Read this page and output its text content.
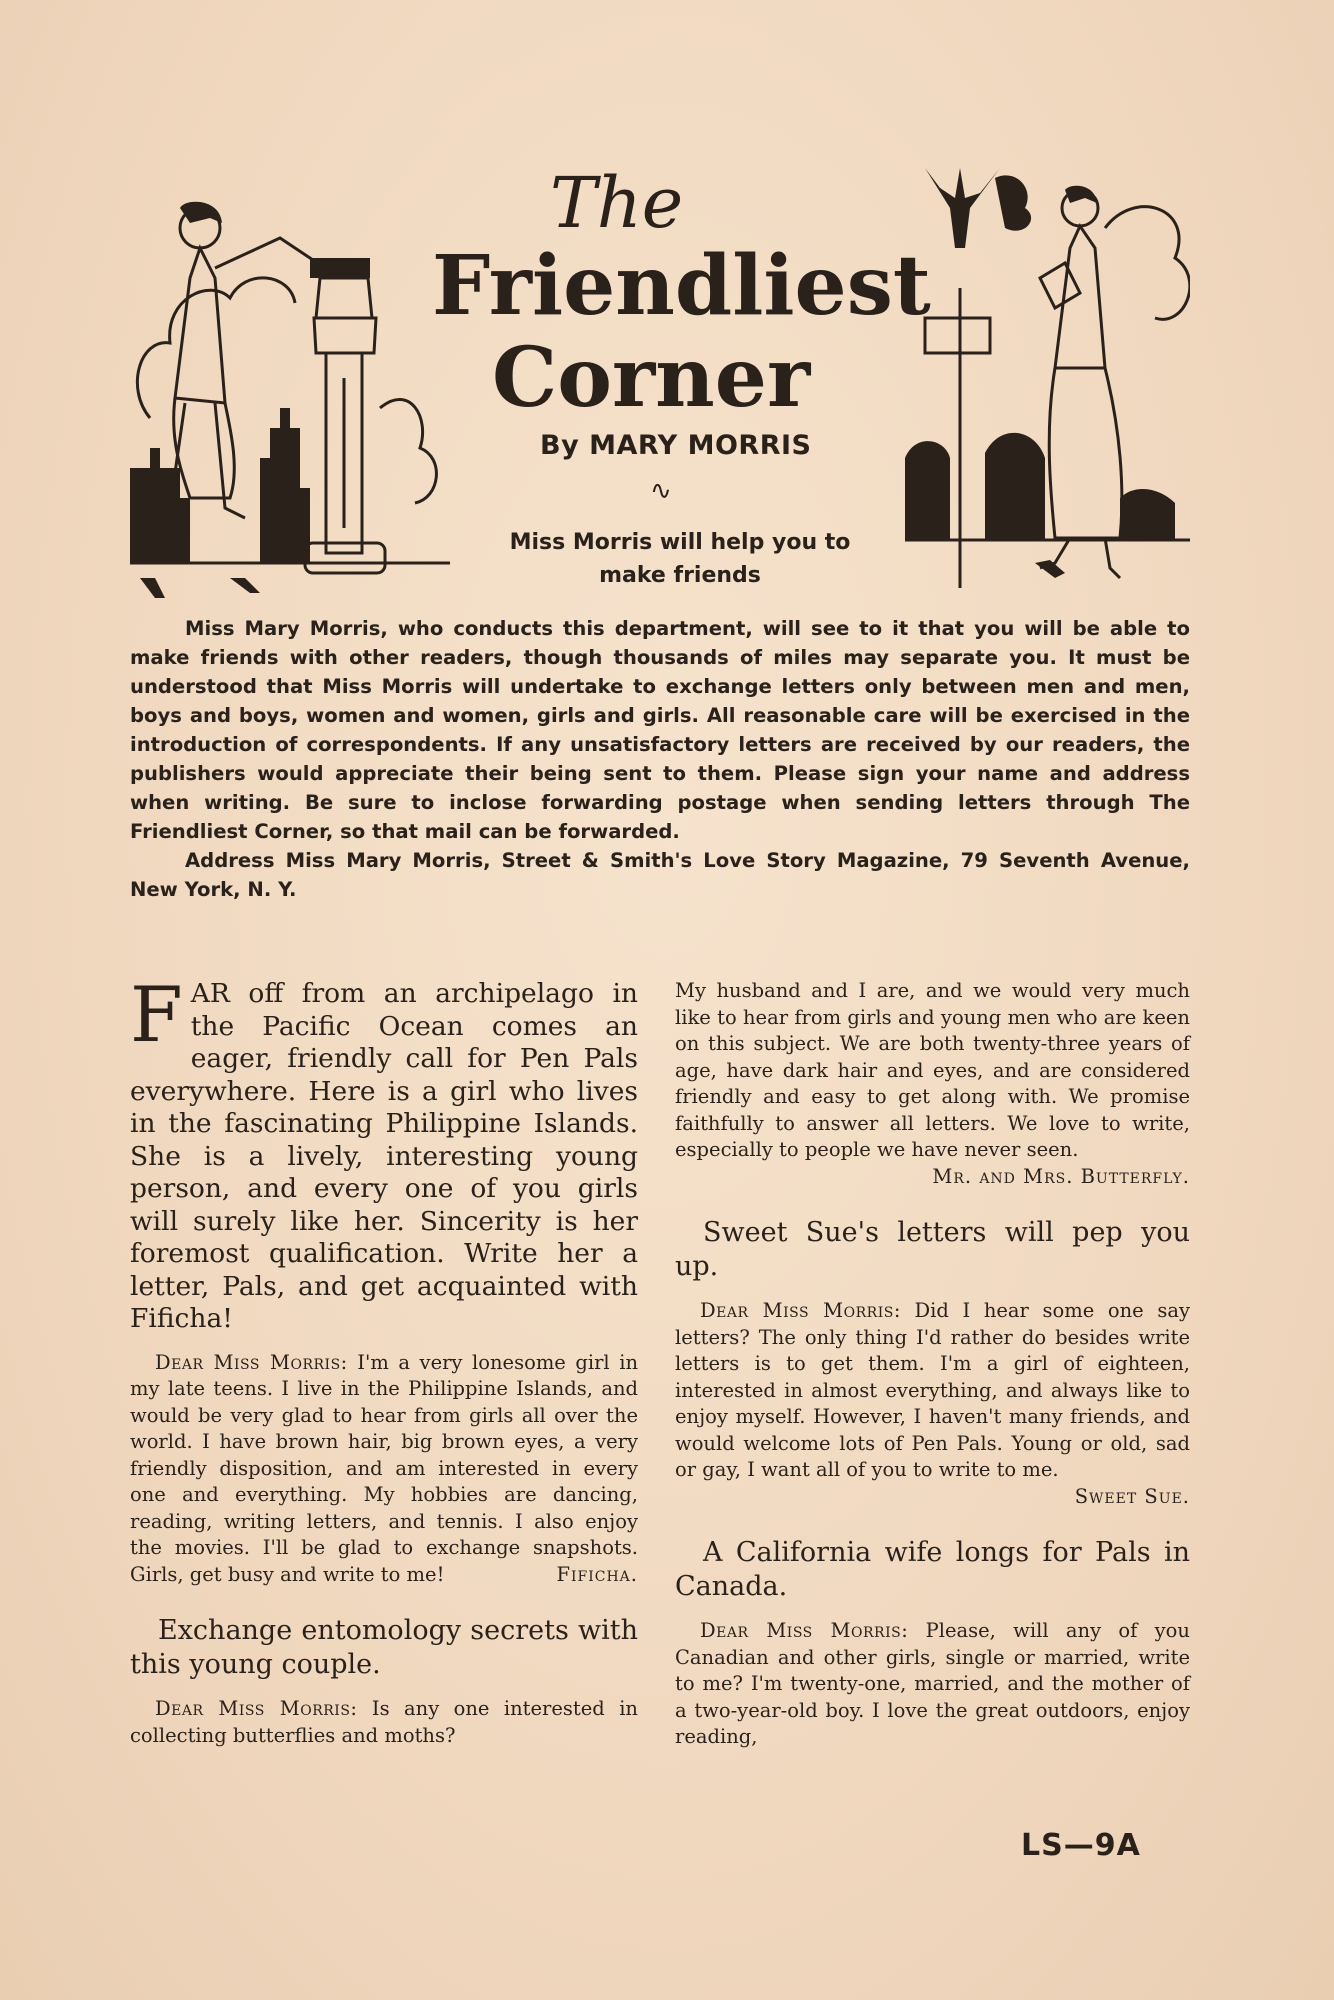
The
Friendliest
Corner
By MARY MORRIS
∿
Miss Morris will help you to make friends

Miss Mary Morris, who conducts this department, will see to it that you will be able to make friends with other readers, though thousands of miles may separate you. It must be understood that Miss Morris will undertake to exchange letters only between men and men, boys and boys, women and women, girls and girls. All reasonable care will be exercised in the introduction of correspondents. If any unsatisfactory letters are received by our readers, the publishers would appreciate their being sent to them. Please sign your name and address when writing. Be sure to inclose forwarding postage when sending letters through The Friendliest Corner, so that mail can be forwarded.

Address Miss Mary Morris, Street & Smith's Love Story Magazine, 79 Seventh Avenue, New York, N. Y.

FAR off from an archipelago in the Pacific Ocean comes an eager, friendly call for Pen Pals everywhere. Here is a girl who lives in the fascinating Philippine Islands. She is a lively, interesting young person, and every one of you girls will surely like her. Sincerity is her foremost qualification. Write her a letter, Pals, and get acquainted with Fificha!

Dear Miss Morris: I'm a very lonesome girl in my late teens. I live in the Philippine Islands, and would be very glad to hear from girls all over the world. I have brown hair, big brown eyes, a very friendly disposition, and am interested in every one and everything. My hobbies are dancing, reading, writing letters, and tennis. I also enjoy the movies. I'll be glad to exchange snapshots. Girls, get busy and write to me!	Fificha.

Exchange entomology secrets with this young couple.

Dear Miss Morris: Is any one interested in collecting butterflies and moths?

My husband and I are, and we would very much like to hear from girls and young men who are keen on this subject. We are both twenty-three years of age, have dark hair and eyes, and are considered friendly and easy to get along with. We promise faithfully to answer all letters. We love to write, especially to people we have never seen.
Mr. and Mrs. Butterfly.

Sweet Sue's letters will pep you up.

Dear Miss Morris: Did I hear some one say letters? The only thing I'd rather do besides write letters is to get them. I'm a girl of eighteen, interested in almost everything, and always like to enjoy myself. However, I haven't many friends, and would welcome lots of Pen Pals. Young or old, sad or gay, I want all of you to write to me.
Sweet Sue.

A California wife longs for Pals in Canada.

Dear Miss Morris: Please, will any of you Canadian and other girls, single or married, write to me? I'm twenty-one, married, and the mother of a two-year-old boy. I love the great outdoors, enjoy reading,

LS—9A
